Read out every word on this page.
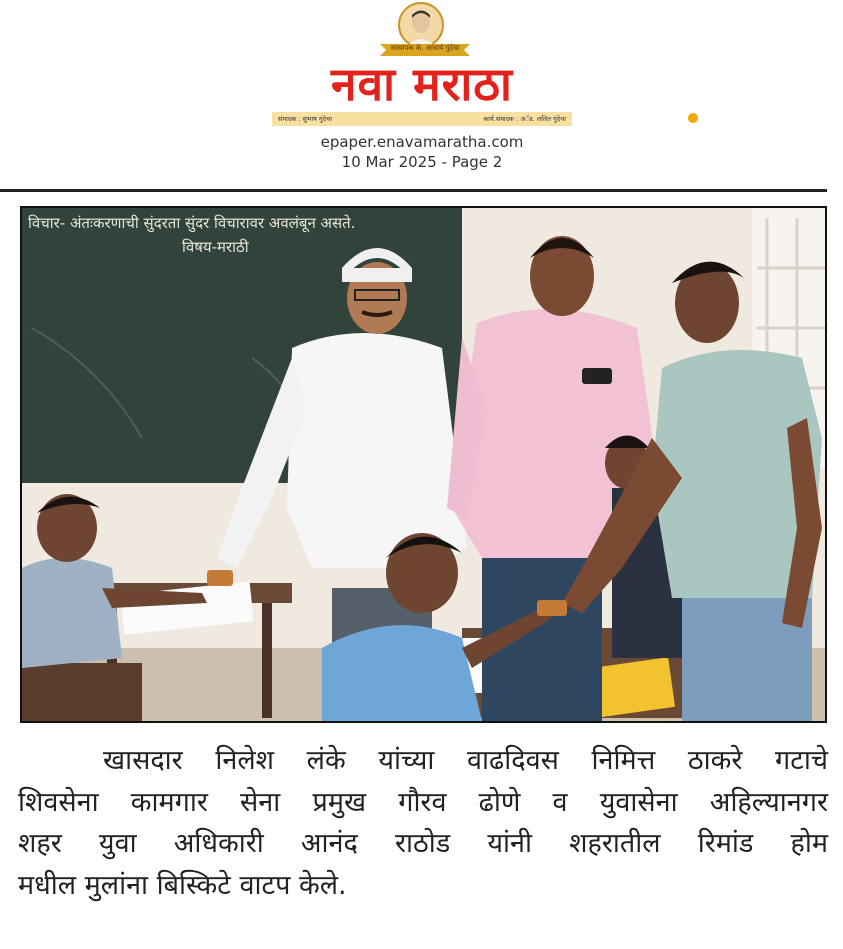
संस्थापक के. आचार्य गुंदेचा
नवा मराठा
संपादक : सुभाष गुंदेचा	कार्य.संपादक : अॅड. ललित गुंदेचा
epaper.enavamaratha.com
10 Mar 2025 - Page 2
विचार- अंतःकरणाची सुंदरता सुंदर विचारावर अवलंबून असते.
विषय-मराठी

खासदार निलेश लंके यांच्या वाढदिवस निमित्त ठाकरे गटाचे

शिवसेना कामगार सेना प्रमुख गौरव ढोणे व युवासेना अहिल्यानगर

शहर युवा अधिकारी आनंद राठोड यांनी शहरातील रिमांड होम

मधील मुलांना बिस्किटे वाटप केले.
